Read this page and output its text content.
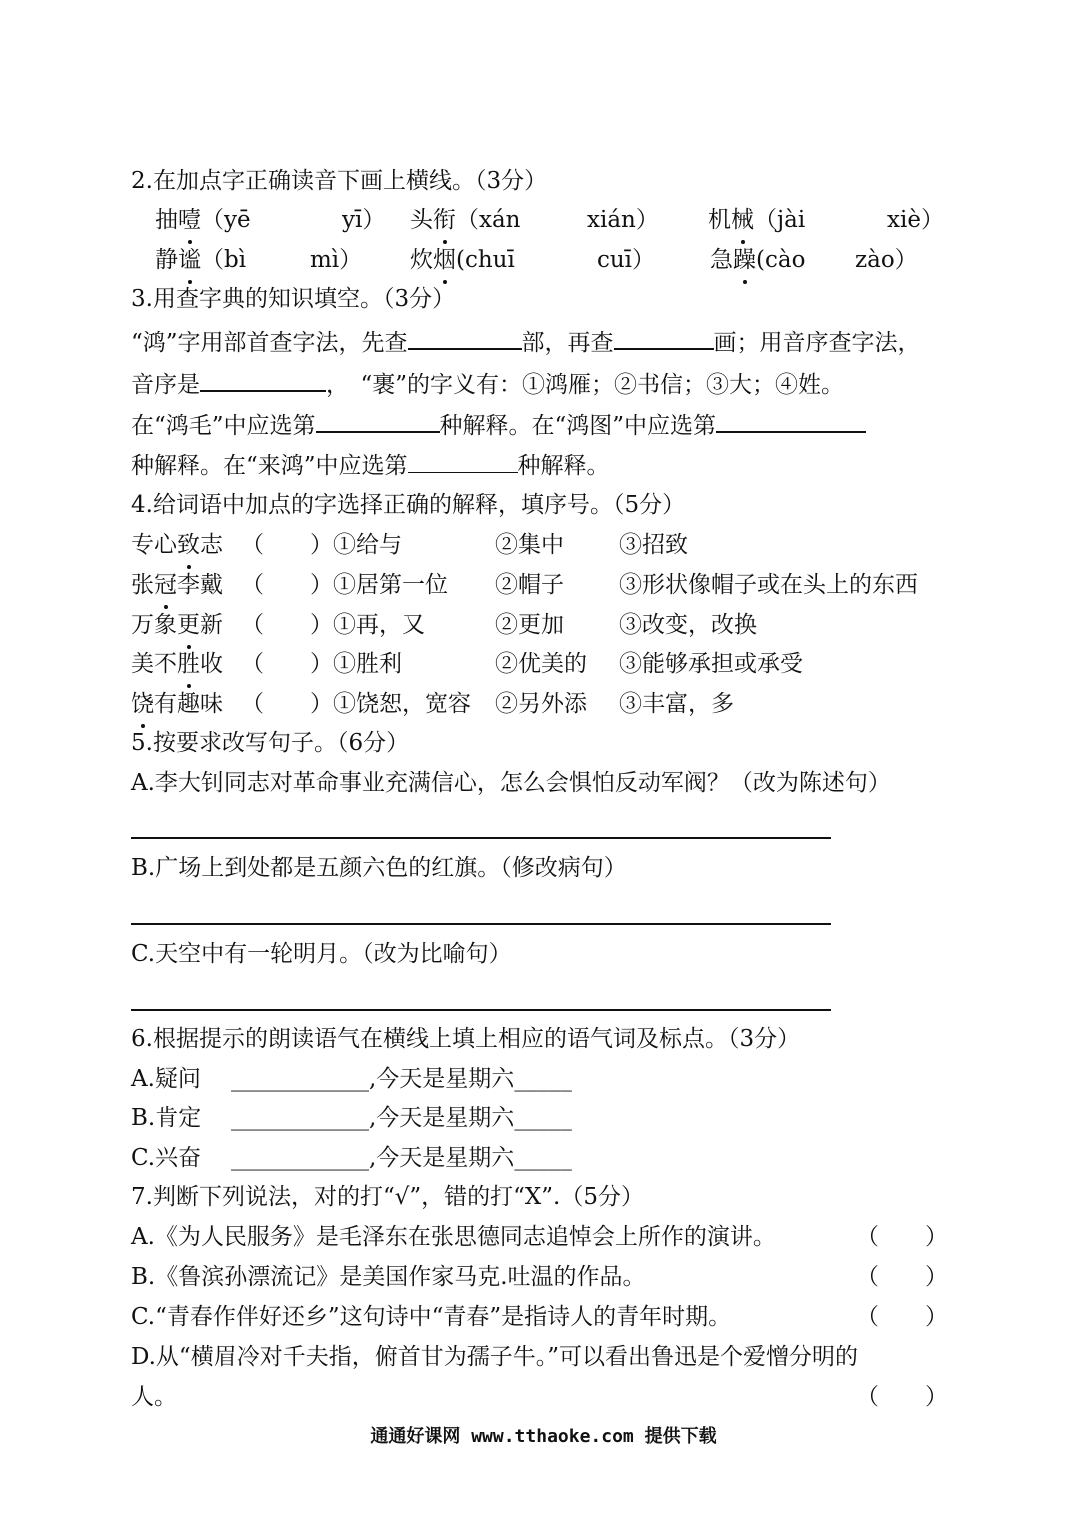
2.在加点字正确读音下画上横线。（3分）
抽噎（yē	yī） 头衔（xán	xián） 机械（jài	xiè）
静谧（bì	mì） 炊烟(chuī	cuī） 急躁(cào zào）
3.用查字典的知识填空。（3分）
“鸿”字用部首查字法，先查	部，再查	画；用音序查字法，
音序是	，　“裹”的字义有：①鸿雁；②书信；③大；④姓。
在“鸿毛”中应选第	种解释。在“鸿图”中应选第
种解释。在“来鸿”中应选第	种解释。
4.给词语中加点的字选择正确的解释，填序号。（5分）
专心致志 （　　）①给与	②集中 ③招致
张冠李戴 （　　）①居第一位 ②帽子 ③形状像帽子或在头上的东西
万象更新 （　　）①再，又	②更加 ③改变，改换
美不胜收 （　　）①胜利	②优美的 ③能够承担或承受
饶有趣味 （　　）①饶恕，宽容 ②另外添 ③丰富，多
5.按要求改写句子。（6分）
A.李大钊同志对革命事业充满信心，怎么会惧怕反动军阀？（改为陈述句）
B.广场上到处都是五颜六色的红旗。（修改病句）
C.天空中有一轮明月。（改为比喻句）
6.根据提示的朗读语气在横线上填上相应的语气词及标点。（3分）
A.疑问 ____________,今天是星期六_____
B.肯定 ____________,今天是星期六_____
C.兴奋 ____________,今天是星期六_____
7.判断下列说法，对的打“√”，错的打“X”.（5分）
A.《为人民服务》是毛泽东在张思德同志追悼会上所作的演讲。	（　　）
B.《鲁滨孙漂流记》是美国作家马克.吐温的作品。	（　　）
C.“青春作伴好还乡”这句诗中“青春”是指诗人的青年时期。	（　　）
D.从“横眉冷对千夫指，俯首甘为孺子牛。”可以看出鲁迅是个爱憎分明的
人。	（　　）
通通好课网 www.tthaoke.com 提供下载
